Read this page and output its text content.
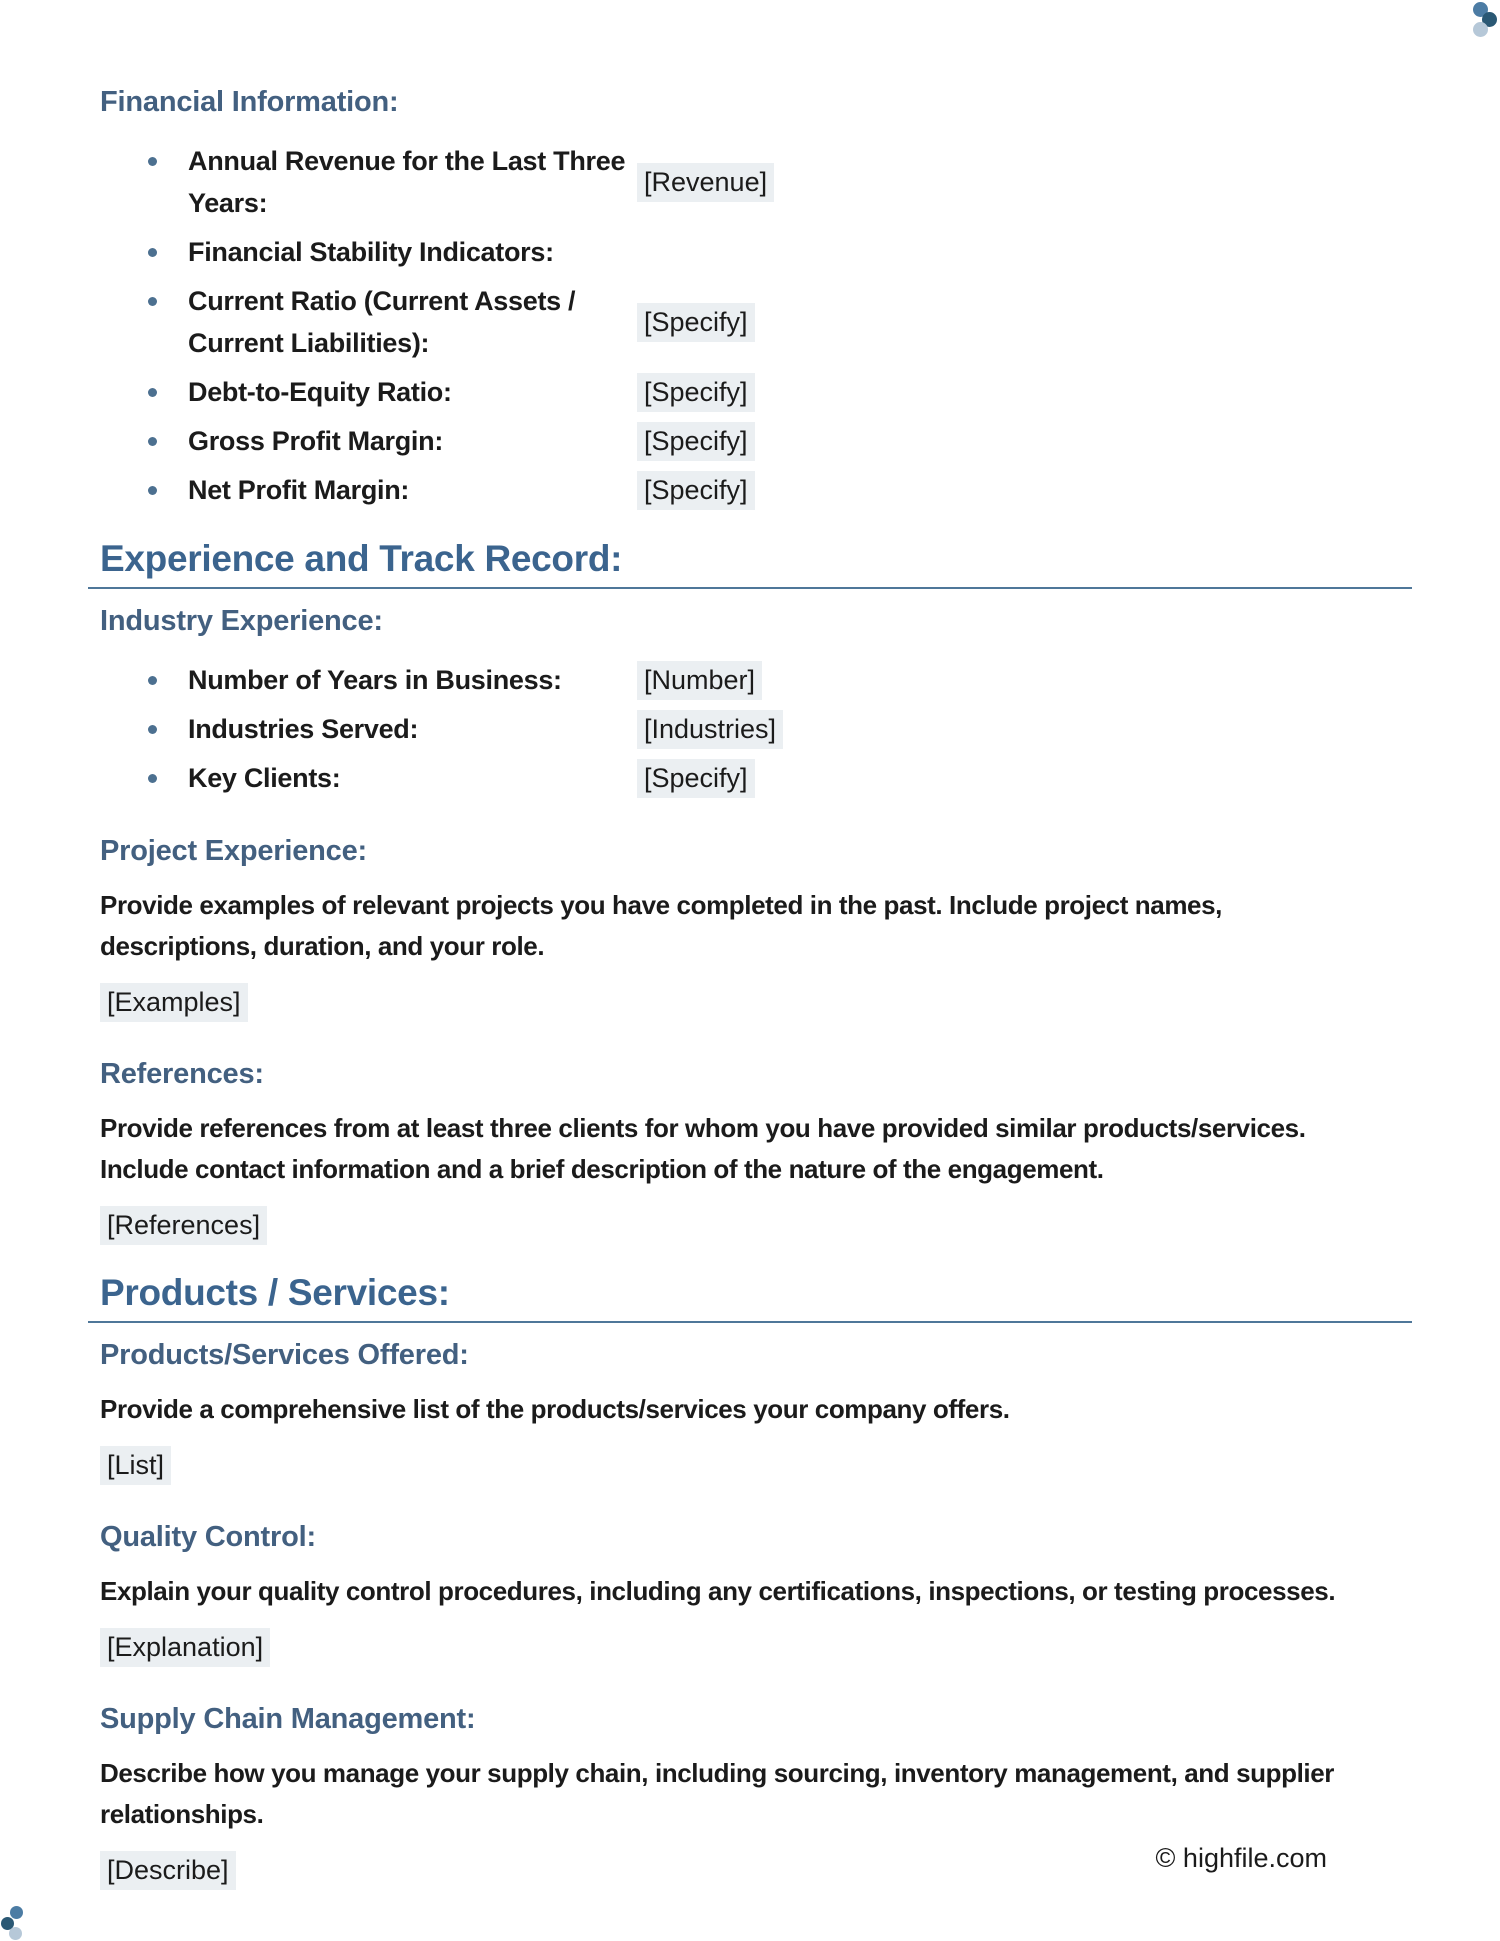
Financial Information:
Annual Revenue for the Last Three
Years:
[Revenue]
Financial Stability Indicators:
Current Ratio (Current Assets /
Current Liabilities):
[Specify]
Debt-to-Equity Ratio:	[Specify]
Gross Profit Margin:	[Specify]
Net Profit Margin:	[Specify]
Experience and Track Record:
Industry Experience:
Number of Years in Business:	[Number]
Industries Served:	[Industries]
Key Clients:	[Specify]
Project Experience:
Provide examples of relevant projects you have completed in the past. Include project names,
descriptions, duration, and your role.
[Examples]
References:
Provide references from at least three clients for whom you have provided similar products/services.
Include contact information and a brief description of the nature of the engagement.
[References]
Products / Services:
Products/Services Offered:
Provide a comprehensive list of the products/services your company offers.
[List]
Quality Control:
Explain your quality control procedures, including any certifications, inspections, or testing processes.
[Explanation]
Supply Chain Management:
Describe how you manage your supply chain, including sourcing, inventory management, and supplier
relationships.
[Describe]	© highfile.com
